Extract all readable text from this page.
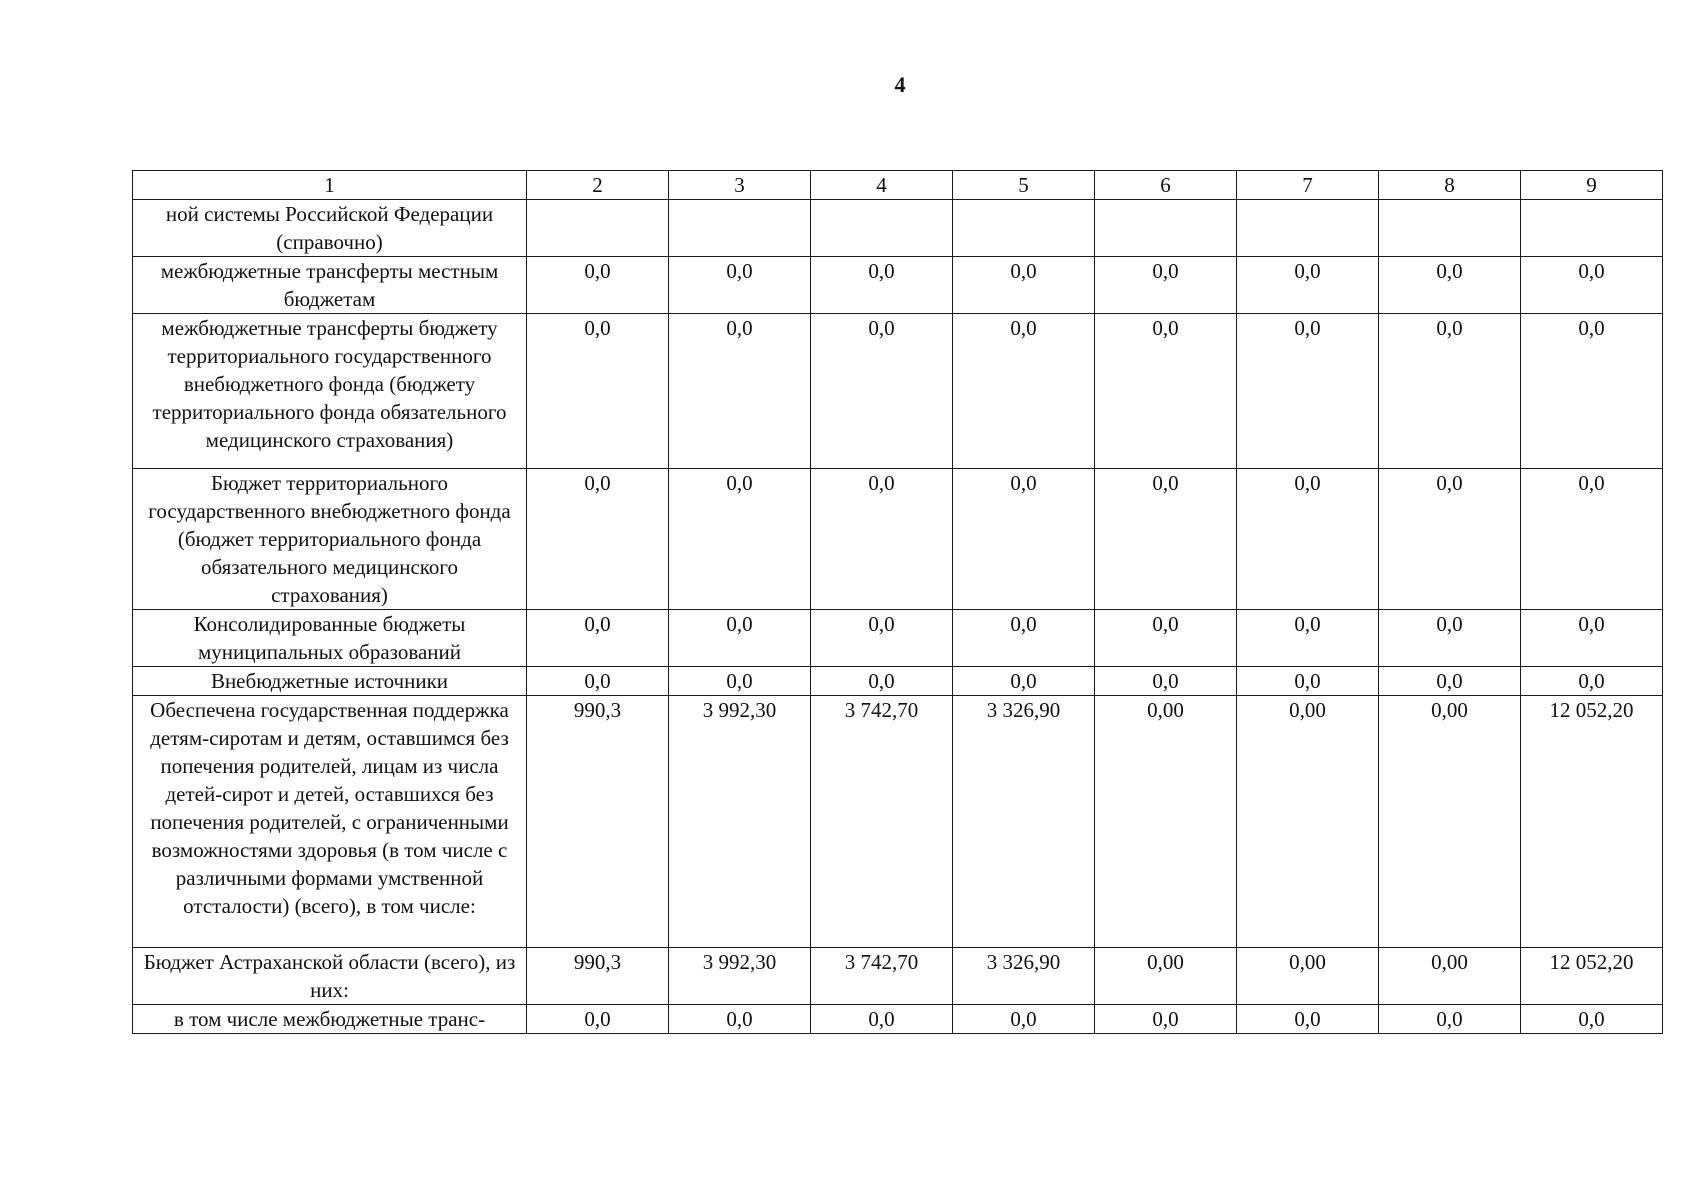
4
1	2	3	4	5	6	7	8	9
ной системы Российской Федерации (справочно)								
межбюджетные трансферты местным бюджетам	0,0	0,0	0,0	0,0	0,0	0,0	0,0	0,0
межбюджетные трансферты бюджету территориального государственного внебюджетного фонда (бюджету территориального фонда обязательного медицинского страхования)	0,0	0,0	0,0	0,0	0,0	0,0	0,0	0,0
Бюджет территориального государственного внебюджетного фонда (бюджет территориального фонда обязательного медицинского страхования)	0,0	0,0	0,0	0,0	0,0	0,0	0,0	0,0
Консолидированные бюджеты муниципальных образований	0,0	0,0	0,0	0,0	0,0	0,0	0,0	0,0
Внебюджетные источники	0,0	0,0	0,0	0,0	0,0	0,0	0,0	0,0
Обеспечена государственная поддержка детям-сиротам и детям, оставшимся без попечения родителей, лицам из числа детей-сирот и детей, оставшихся без попечения родителей, с ограниченными возможностями здоровья (в том числе с различными формами умственной отсталости) (всего), в том числе:	990,3	3 992,30	3 742,70	3 326,90	0,00	0,00	0,00	12 052,20
Бюджет Астраханской области (всего), из них:	990,3	3 992,30	3 742,70	3 326,90	0,00	0,00	0,00	12 052,20
в том числе межбюджетные транс-	0,0	0,0	0,0	0,0	0,0	0,0	0,0	0,0
